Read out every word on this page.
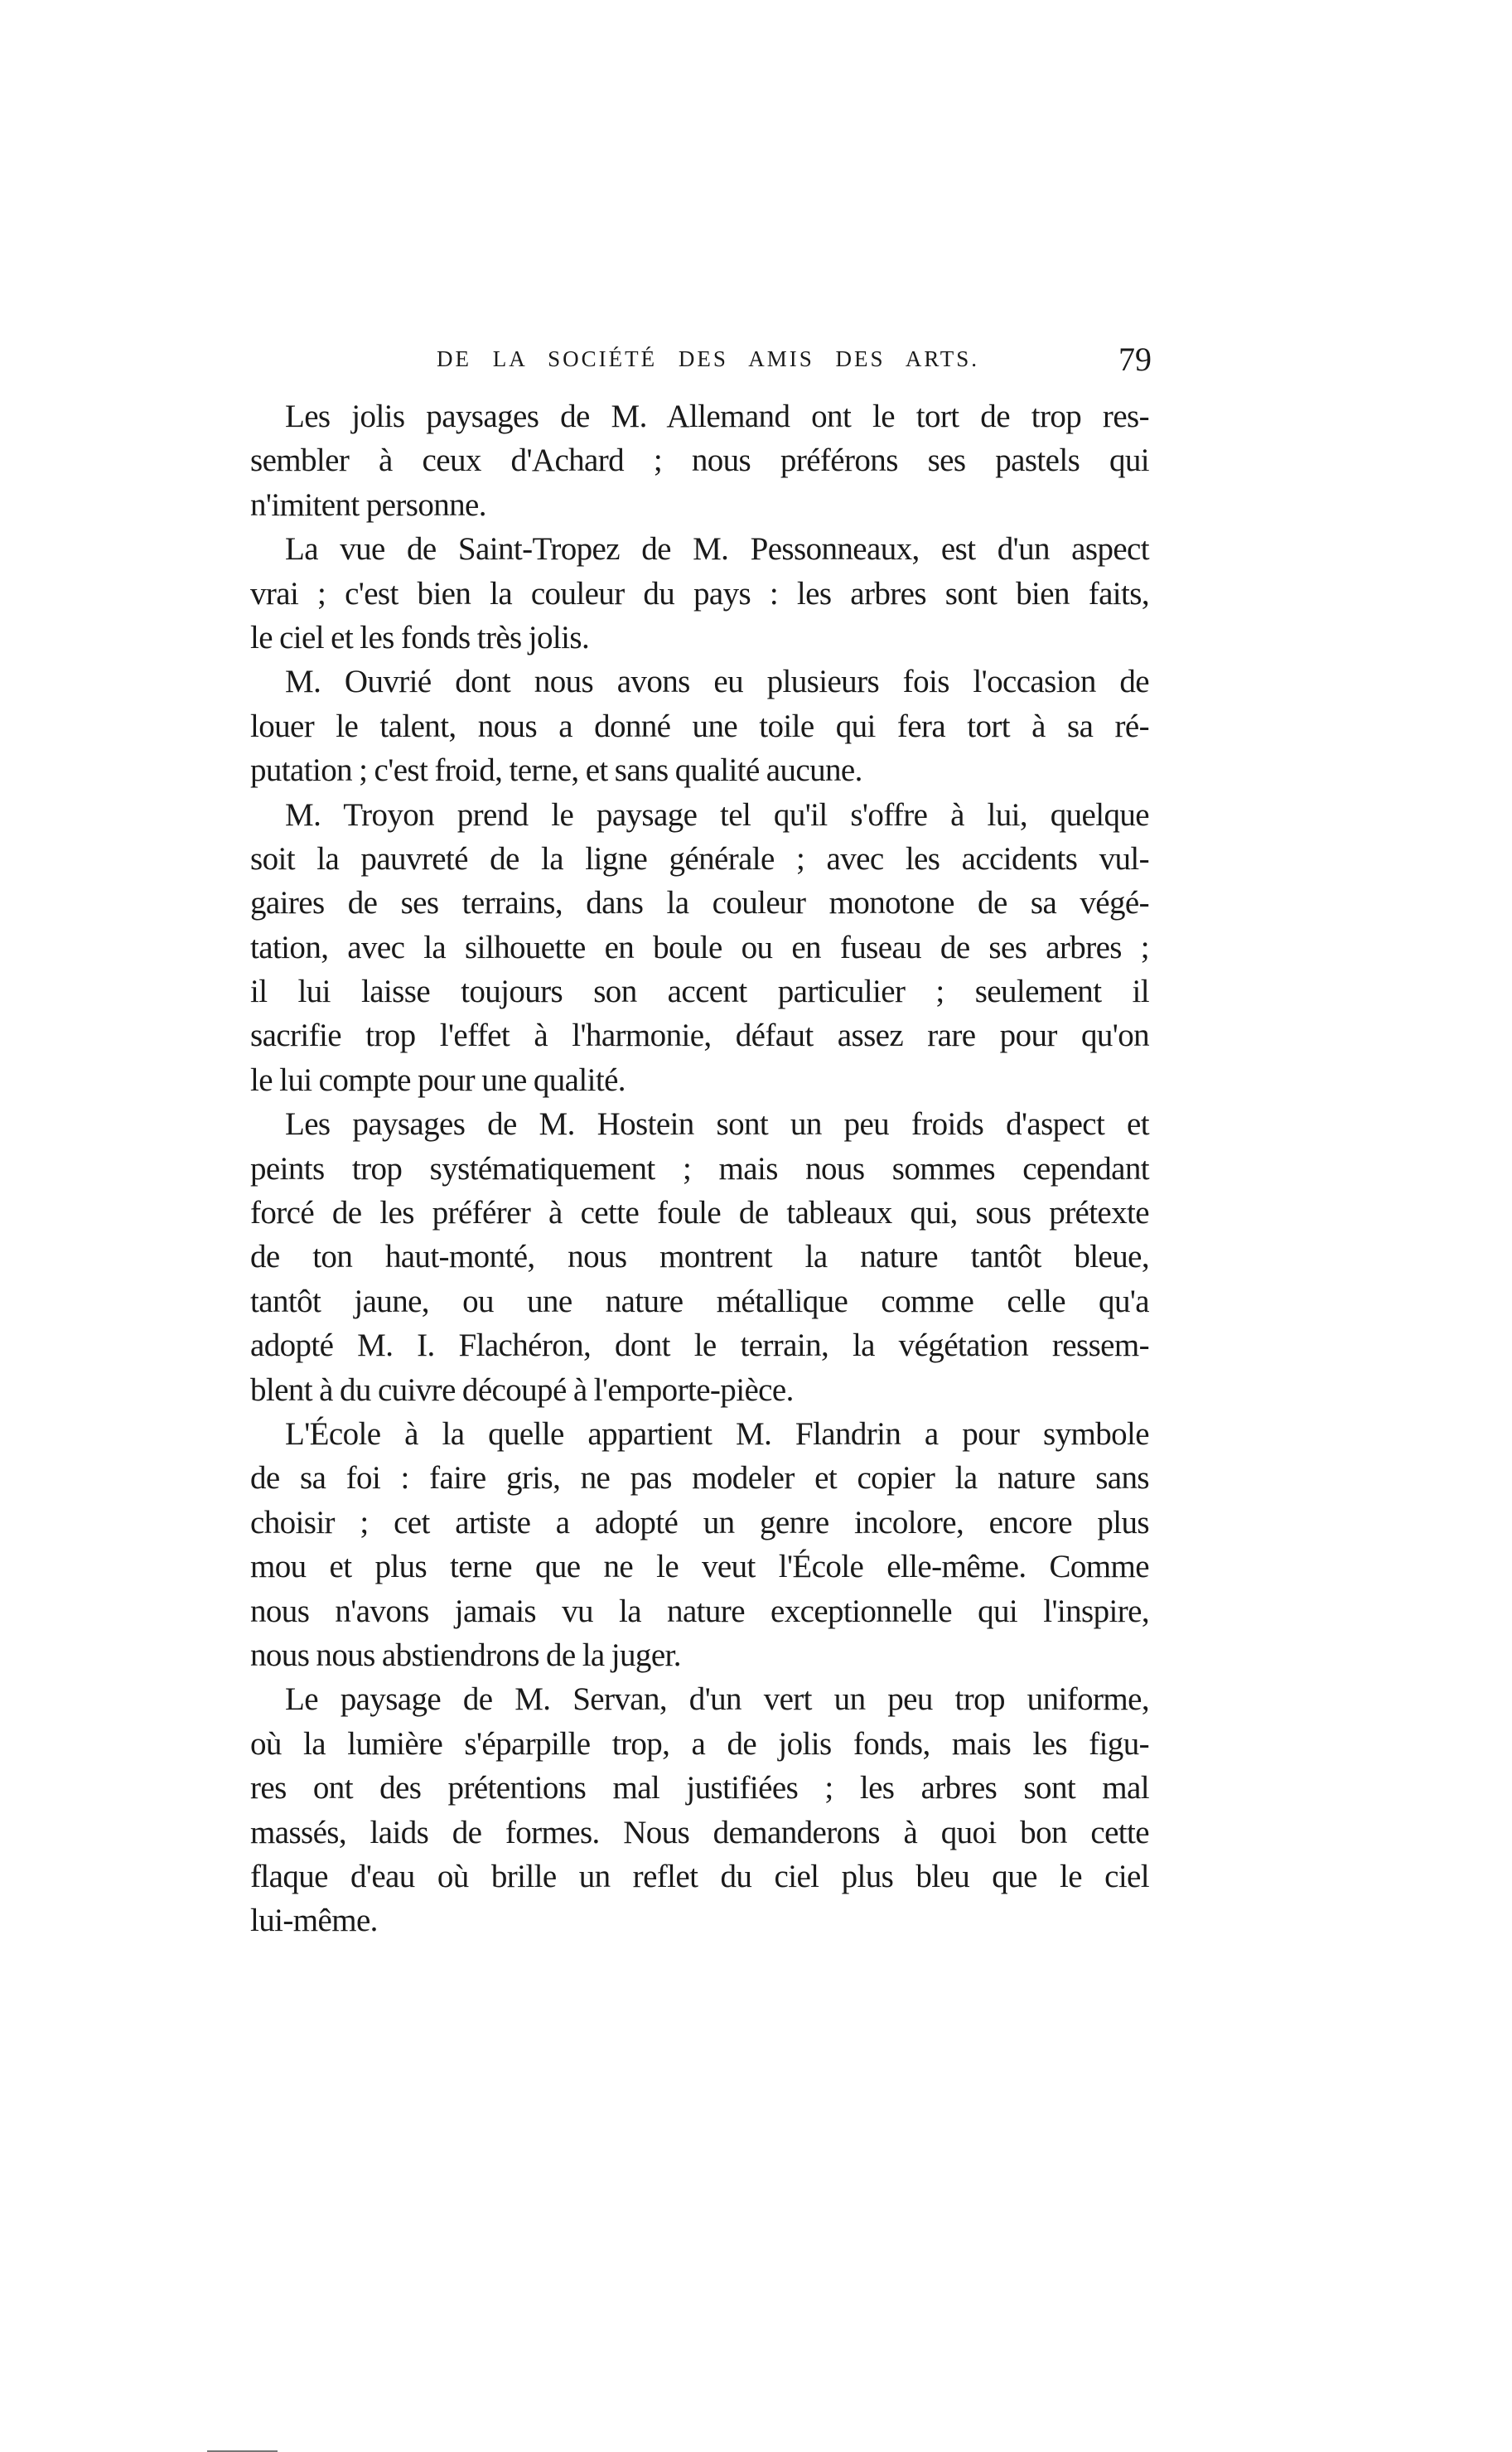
DE LA SOCIÉTÉ DES AMIS DES ARTS.	79
Les jolis paysages de M. Allemand ont le tort de trop res-
sembler à ceux d'Achard ; nous préférons ses pastels qui
n'imitent personne.
La vue de Saint-Tropez de M. Pessonneaux, est d'un aspect
vrai ; c'est bien la couleur du pays : les arbres sont bien faits,
le ciel et les fonds très jolis.
M. Ouvrié dont nous avons eu plusieurs fois l'occasion de
louer le talent, nous a donné une toile qui fera tort à sa ré-
putation ; c'est froid, terne, et sans qualité aucune.
M. Troyon prend le paysage tel qu'il s'offre à lui, quelque
soit la pauvreté de la ligne générale ; avec les accidents vul-
gaires de ses terrains, dans la couleur monotone de sa végé-
tation, avec la silhouette en boule ou en fuseau de ses arbres ;
il lui laisse toujours son accent particulier ; seulement il
sacrifie trop l'effet à l'harmonie, défaut assez rare pour qu'on
le lui compte pour une qualité.
Les paysages de M. Hostein sont un peu froids d'aspect et
peints trop systématiquement ; mais nous sommes cependant
forcé de les préférer à cette foule de tableaux qui, sous prétexte
de ton haut-monté, nous montrent la nature tantôt bleue,
tantôt jaune, ou une nature métallique comme celle qu'a
adopté M. I. Flachéron, dont le terrain, la végétation ressem-
blent à du cuivre découpé à l'emporte-pièce.
L'École à la quelle appartient M. Flandrin a pour symbole
de sa foi : faire gris, ne pas modeler et copier la nature sans
choisir ; cet artiste a adopté un genre incolore, encore plus
mou et plus terne que ne le veut l'École elle-même. Comme
nous n'avons jamais vu la nature exceptionnelle qui l'inspire,
nous nous abstiendrons de la juger.
Le paysage de M. Servan, d'un vert un peu trop uniforme,
où la lumière s'éparpille trop, a de jolis fonds, mais les figu-
res ont des prétentions mal justifiées ; les arbres sont mal
massés, laids de formes. Nous demanderons à quoi bon cette
flaque d'eau où brille un reflet du ciel plus bleu que le ciel
lui-même.
